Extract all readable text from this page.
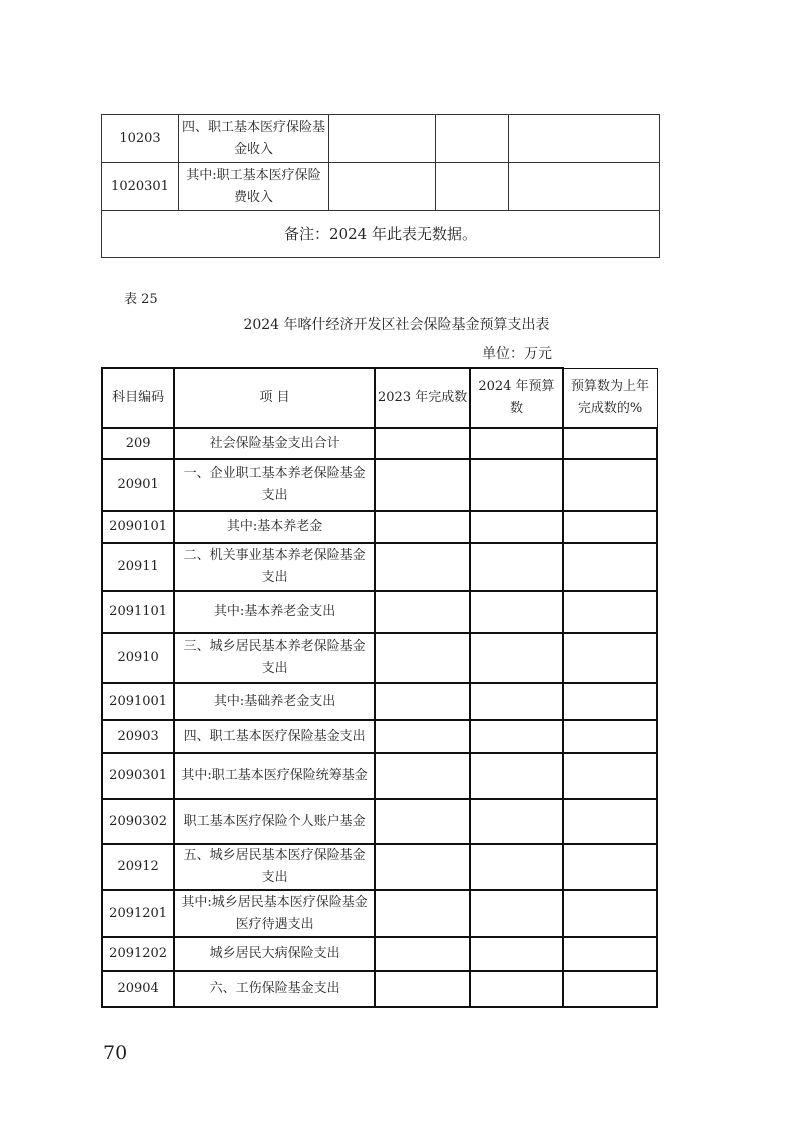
10203	四、职工基本医疗保险基金收入			
1020301	其中:职工基本医疗保险费收入			
备注：2024 年此表无数据。				
表 25
2024 年喀什经济开发区社会保险基金预算支出表
单位：万元
科目编码	项 目	2023 年完成数	2024 年预算数	预算数为上年完成数的%
209	社会保险基金支出合计			
20901	一、企业职工基本养老保险基金支出			
2090101	其中:基本养老金			
20911	二、机关事业基本养老保险基金支出			
2091101	其中:基本养老金支出			
20910	三、城乡居民基本养老保险基金支出			
2091001	其中:基础养老金支出			
20903	四、职工基本医疗保险基金支出			
2090301	其中:职工基本医疗保险统筹基金			
2090302	职工基本医疗保险个人账户基金			
20912	五、城乡居民基本医疗保险基金支出			
2091201	其中:城乡居民基本医疗保险基金医疗待遇支出			
2091202	城乡居民大病保险支出			
20904	六、工伤保险基金支出			
70
